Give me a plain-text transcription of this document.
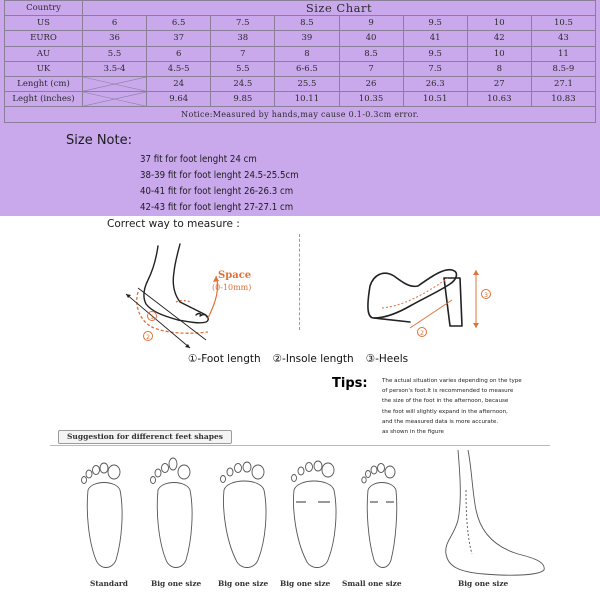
Country	Size Chart							
US	6	6.5	7.5	8.5	9	9.5	10	10.5
EURO	36	37	38	39	40	41	42	43
AU	5.5	6	7	8	8.5	9.5	10	11
UK	3.5-4	4.5-5	5.5	6-6.5	7	7.5	8	8.5-9
Lenght (cm)		24	24.5	25.5	26	26.3	27	27.1
Leght (inches)		9.64	9.85	10.11	10.35	10.51	10.63	10.83
Notice:Measured by hands,may cause 0.1-0.3cm error.								
Size Note:
37 fit for foot lenght 24 cm
38-39 fit for foot lenght 24.5-25.5cm
40-41 fit for foot lenght 26-26.3 cm
42-43 fit for foot lenght 27-27.1 cm
Correct way to measure :
Space
(0-10mm)
1
2
3
2
①-Foot length ②-Insole length ③-Heels
Tips:	The actual situation varies depending on the type
of person's foot.It is recommended to measure
the size of the foot in the afternoon, because
the foot will slightly expand in the afternoon,
and the measured data is more accurate.
as shown in the figure
Suggestion for differenct feet shapes
Standard	Big one size Big one size Big one size Small one size	Big one size
